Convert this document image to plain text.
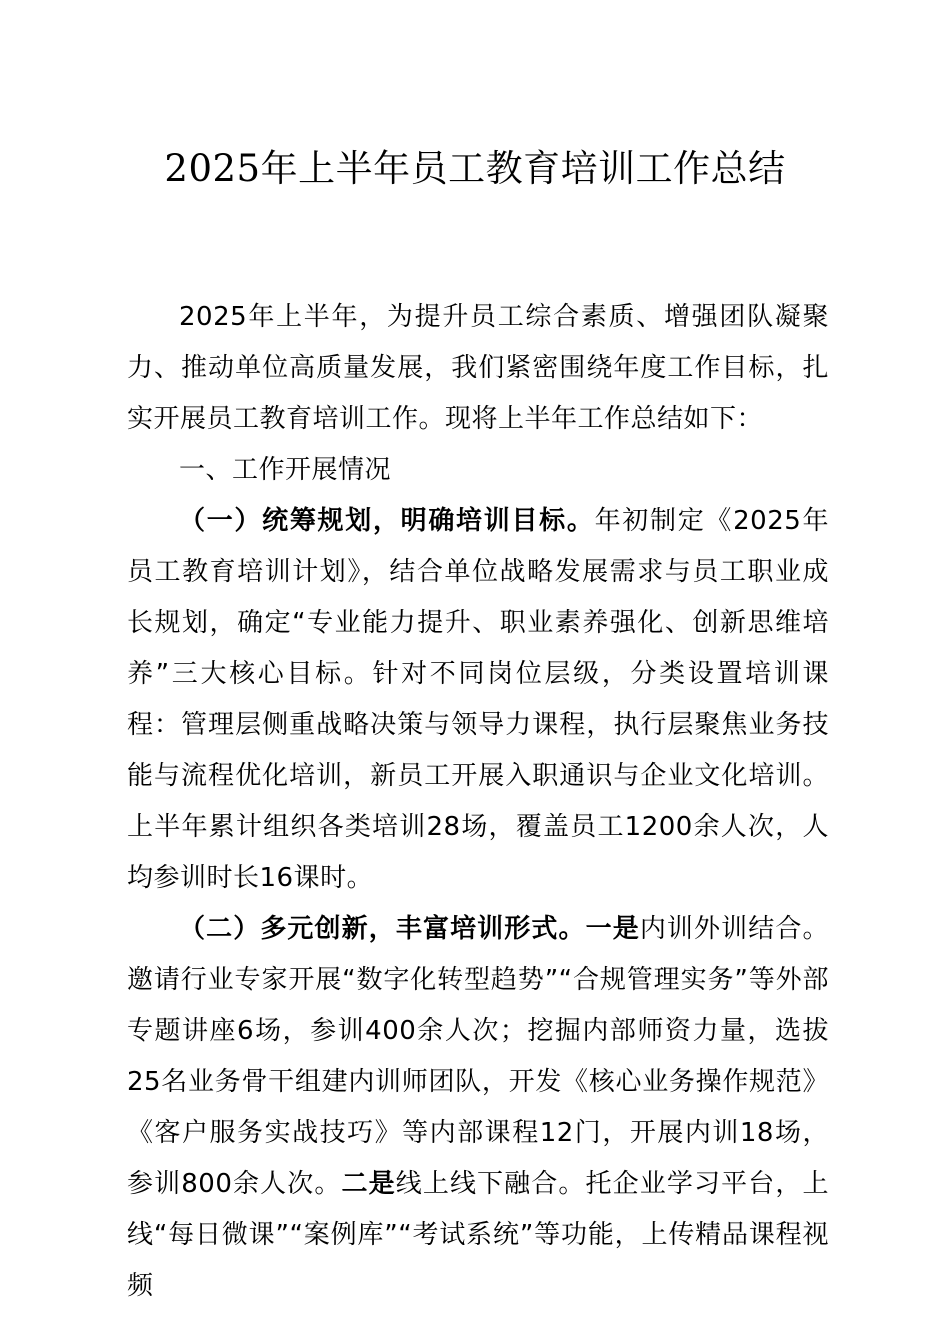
2025年上半年员工教育培训工作总结

2025年上半年，为提升员工综合素质、增强团队凝聚力、推动单位高质量发展，我们紧密围绕年度工作目标，扎实开展员工教育培训工作。现将上半年工作总结如下：

一、工作开展情况

（一）统筹规划，明确培训目标。年初制定《2025年员工教育培训计划》，结合单位战略发展需求与员工职业成长规划，确定“专业能力提升、职业素养强化、创新思维培养”三大核心目标。针对不同岗位层级，分类设置培训课程：管理层侧重战略决策与领导力课程，执行层聚焦业务技能与流程优化培训，新员工开展入职通识与企业文化培训。上半年累计组织各类培训28场，覆盖员工1200余人次，人均参训时长16课时。

（二）多元创新，丰富培训形式。一是内训外训结合。邀请行业专家开展“数字化转型趋势”“合规管理实务”等外部专题讲座6场，参训400余人次；挖掘内部师资力量，选拔25名业务骨干组建内训师团队，开发《核心业务操作规范》《客户服务实战技巧》等内部课程12门，开展内训18场，参训800余人次。二是线上线下融合。托企业学习平台，上线“每日微课”“案例库”“考试系统”等功能，上传精品课程视频
